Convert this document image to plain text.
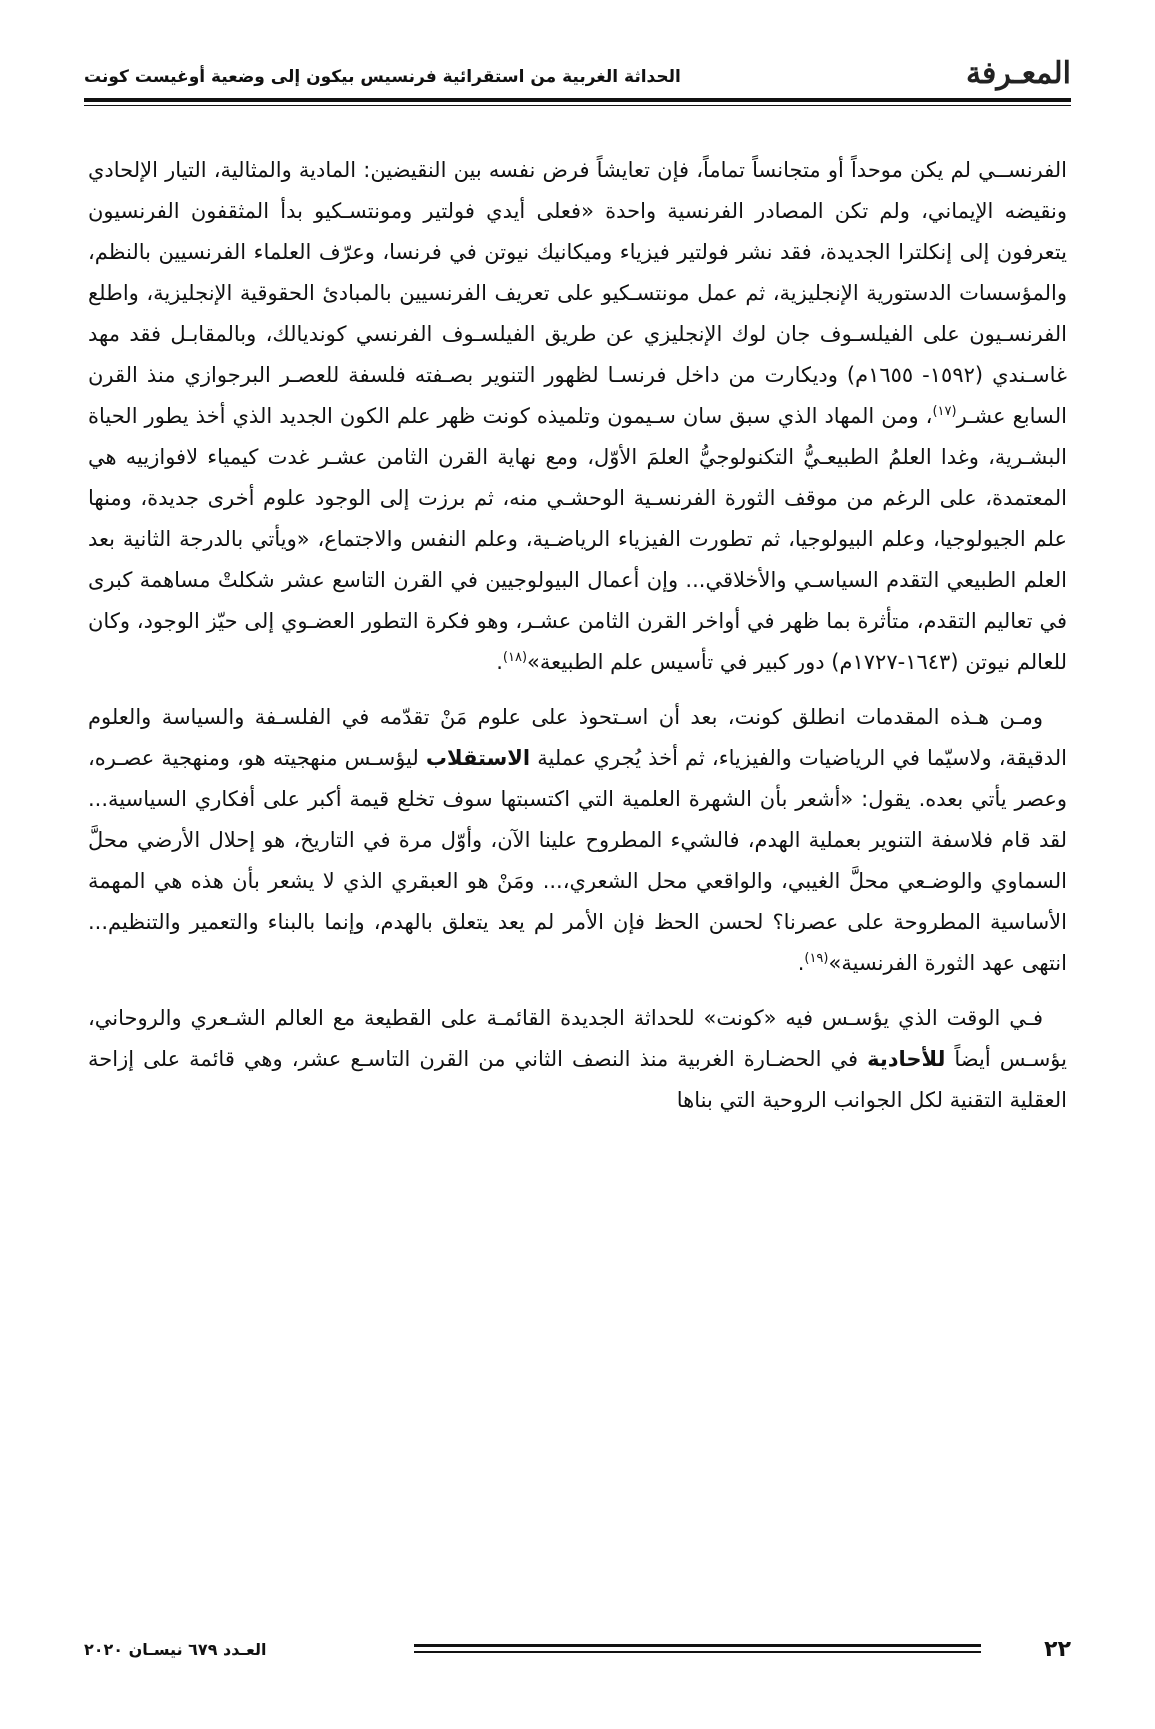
المعـرفة
الحداثة الغربية من استقرائية فرنسيس بيكون إلى وضعية أوغيست كونت

الفرنســي لم يكن موحداً أو متجانساً تماماً، فإن تعايشاً فرض نفسه بين النقيضين: المادية والمثالية، التيار الإلحادي ونقيضه الإيماني، ولم تكن المصادر الفرنسية واحدة «فعلى أيدي فولتير ومونتسـكيو بدأ المثقفون الفرنسيون يتعرفون إلى إنكلترا الجديدة، فقد نشر فولتير فيزياء وميكانيك نيوتن في فرنسا، وعرّف العلماء الفرنسيين بالنظم، والمؤسسات الدستورية الإنجليزية، ثم عمل مونتسـكيو على تعريف الفرنسيين بالمبادئ الحقوقية الإنجليزية، واطلع الفرنسـيون على الفيلسـوف جان لوك الإنجليزي عن طريق الفيلسـوف الفرنسي كونديالك، وبالمقابـل فقد مهد غاسـندي (١٥٩٢- ١٦٥٥م) وديكارت من داخل فرنسـا لظهور التنوير بصـفته فلسفة للعصـر البرجوازي منذ القرن السابع عشـر$^{(١٧)}$، ومن المهاد الذي سبق سان سـيمون وتلميذه كونت ظهر علم الكون الجديد الذي أخذ يطور الحياة البشـرية، وغدا العلمُ الطبيعـيُّ التكنولوجيُّ العلمَ الأوّل، ومع نهاية القرن الثامن عشـر غدت كيمياء لافوازييه هي المعتمدة، على الرغم من موقف الثورة الفرنسـية الوحشـي منه، ثم برزت إلى الوجود علوم أخرى جديدة، ومنها علم الجيولوجيا، وعلم البيولوجيا، ثم تطورت الفيزياء الرياضـية، وعلم النفس والاجتماع، «ويأتي بالدرجة الثانية بعد العلم الطبيعي التقدم السياسـي والأخلاقي... وإن أعمال البيولوجيين في القرن التاسع عشر شكلتْ مساهمة كبرى في تعاليم التقدم، متأثرة بما ظهر في أواخر القرن الثامن عشـر، وهو فكرة التطور العضـوي إلى حيّز الوجود، وكان للعالم نيوتن (١٦٤٣-١٧٢٧م) دور كبير في تأسيس علم الطبيعة»$^{(١٨)}$.

ومـن هـذه المقدمات انطلق كونت، بعد أن اسـتحوذ على علوم مَنْ تقدّمه في الفلسـفة والسياسة والعلوم الدقيقة، ولاسيّما في الرياضيات والفيزياء، ثم أخذ يُجري عملية الاستقلاب ليؤسـس منهجيته هو، ومنهجية عصـره، وعصر يأتي بعده. يقول: «أشعر بأن الشهرة العلمية التي اكتسبتها سوف تخلع قيمة أكبر على أفكاري السياسية... لقد قام فلاسفة التنوير بعملية الهدم، فالشيء المطروح علينا الآن، وأوّل مرة في التاريخ، هو إحلال الأرضي محلَّ السماوي والوضـعي محلَّ الغيبي، والواقعي محل الشعري،... ومَنْ هو العبقري الذي لا يشعر بأن هذه هي المهمة الأساسية المطروحة على عصرنا؟ لحسن الحظ فإن الأمر لم يعد يتعلق بالهدم، وإنما بالبناء والتعمير والتنظيم... انتهى عهد الثورة الفرنسية»$^{(١٩)}$.

فـي الوقت الذي يؤسـس فيه «كونت» للحداثة الجديدة القائمـة على القطيعة مع العالم الشـعري والروحاني، يؤسـس أيضاً للأحادية في الحضـارة الغربية منذ النصف الثاني من القرن التاسـع عشر، وهي قائمة على إزاحة العقلية التقنية لكل الجوانب الروحية التي بناها

٢٢
العـدد ٦٧٩ نيسـان ٢٠٢٠
